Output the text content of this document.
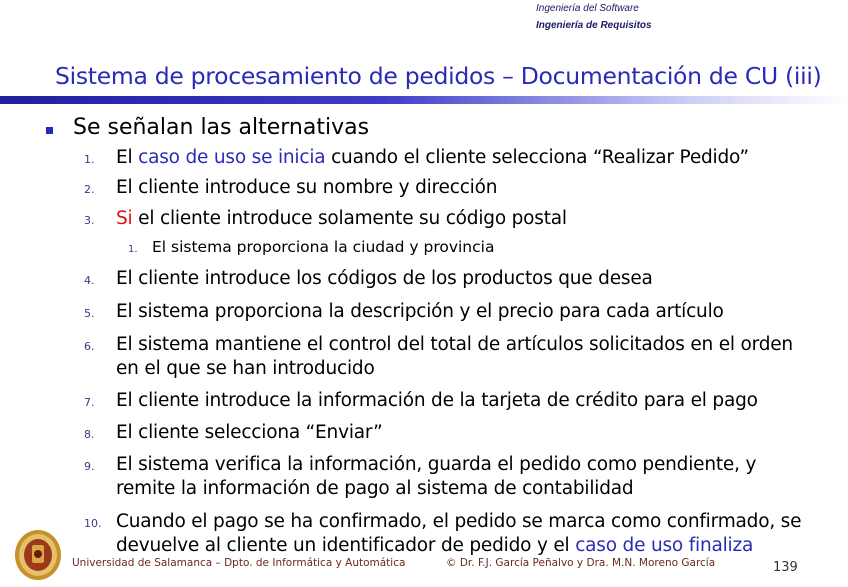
Ingeniería del Software
Ingeniería de Requisitos
Sistema de procesamiento de pedidos – Documentación de CU (iii)
Se señalan las alternativas
1. El caso de uso se inicia cuando el cliente selecciona “Realizar Pedido”
2. El cliente introduce su nombre y dirección
3. Si el cliente introduce solamente su código postal
1. El sistema proporciona la ciudad y provincia
4. El cliente introduce los códigos de los productos que desea
5. El sistema proporciona la descripción y el precio para cada artículo
6. El sistema mantiene el control del total de artículos solicitados en el orden
en el que se han introducido
7. El cliente introduce la información de la tarjeta de crédito para el pago
8. El cliente selecciona “Enviar”
9. El sistema verifica la información, guarda el pedido como pendiente, y
remite la información de pago al sistema de contabilidad
10. Cuando el pago se ha confirmado, el pedido se marca como confirmado, se
devuelve al cliente un identificador de pedido y el caso de uso finaliza
Universidad de Salamanca – Dpto. de Informática y Automática	© Dr. F.J. García Peñalvo y Dra. M.N. Moreno García	139
